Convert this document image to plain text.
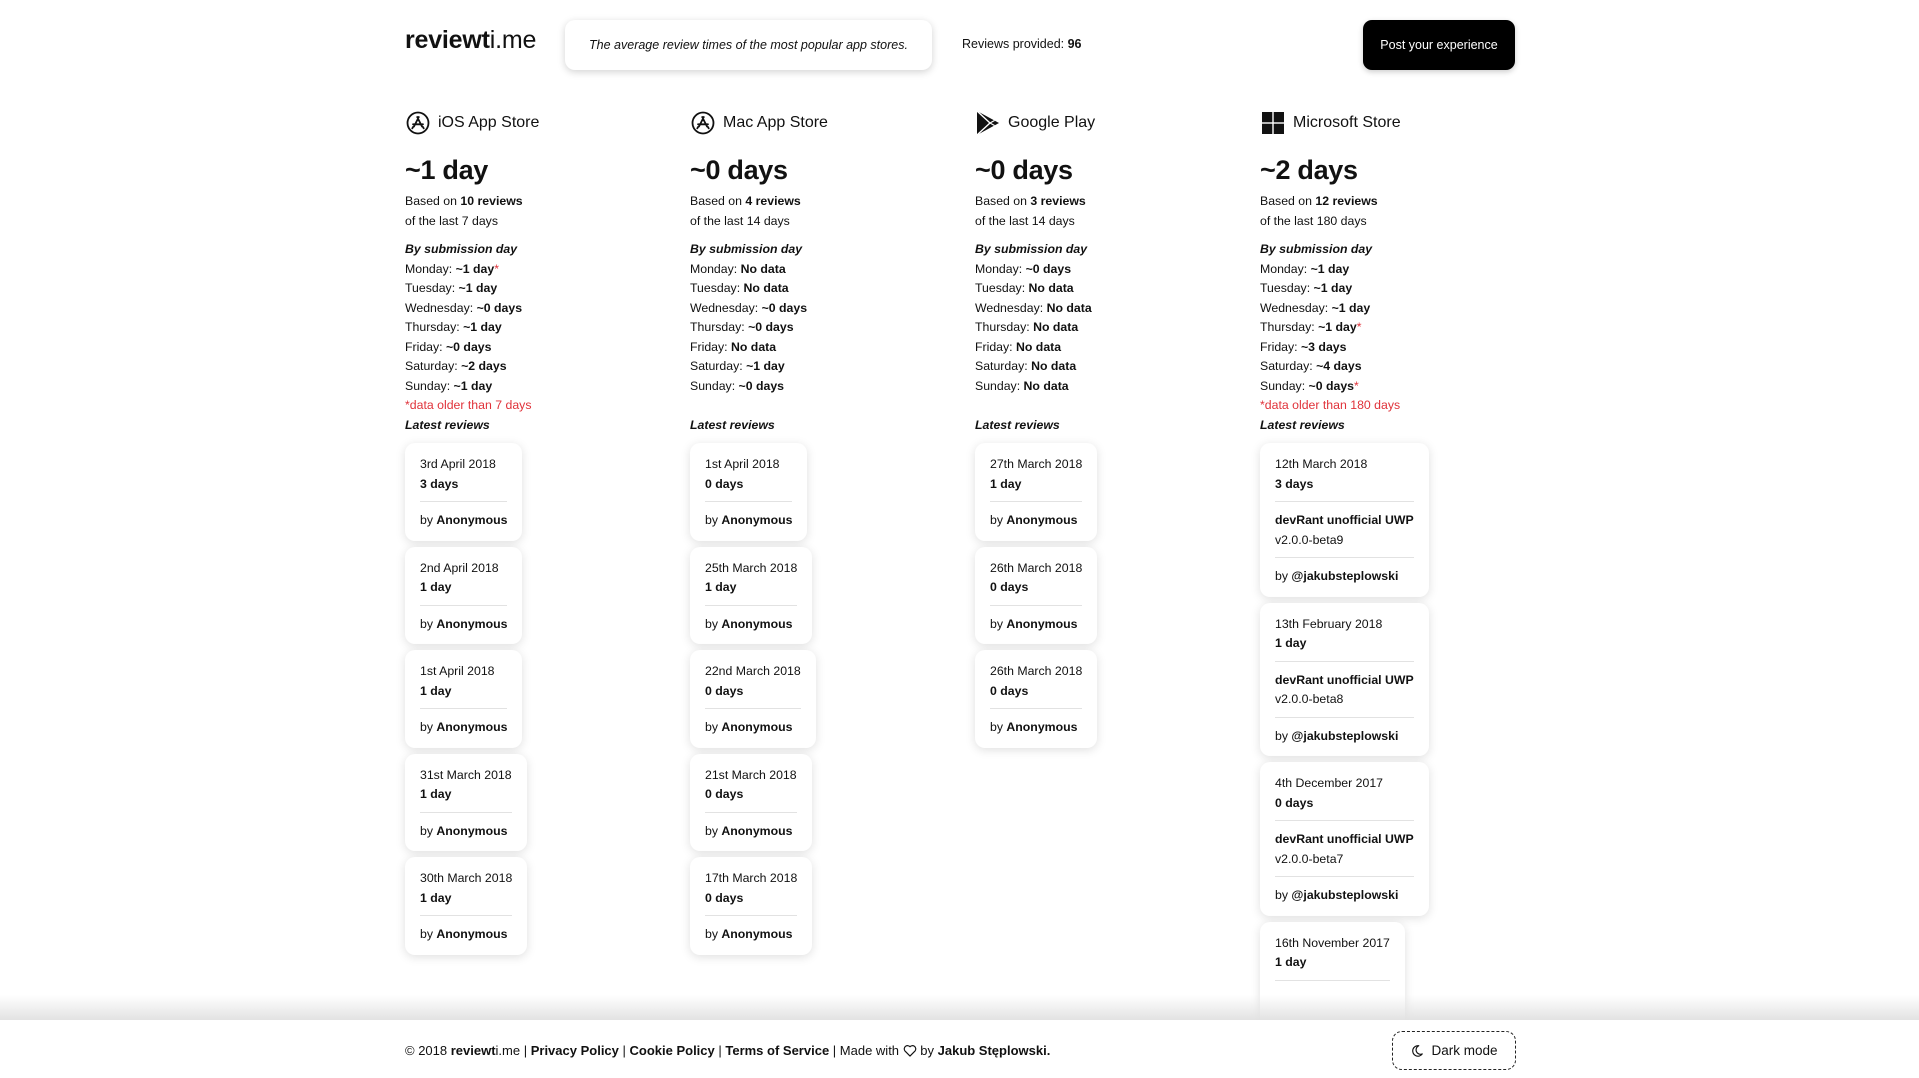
reviewti.me	The average review times of the most popular app stores.	Reviews provided: 96	Post your experience
iOS App Store
~1 day
Based on 10 reviews
of the last 7 days
By submission day
Monday: ~1 day*
Tuesday: ~1 day
Wednesday: ~0 days
Thursday: ~1 day
Friday: ~0 days
Saturday: ~2 days
Sunday: ~1 day
*data older than 7 days
Latest reviews
3rd April 2018
3 days
by Anonymous
2nd April 2018
1 day
by Anonymous
1st April 2018
1 day
by Anonymous
31st March 2018
1 day
by Anonymous
30th March 2018
1 day
by Anonymous
Mac App Store
~0 days
Based on 4 reviews
of the last 14 days
By submission day
Monday: No data
Tuesday: No data
Wednesday: ~0 days
Thursday: ~0 days
Friday: No data
Saturday: ~1 day
Sunday: ~0 days
Latest reviews
1st April 2018
0 days
by Anonymous
25th March 2018
1 day
by Anonymous
22nd March 2018
0 days
by Anonymous
21st March 2018
0 days
by Anonymous
17th March 2018
0 days
by Anonymous
Google Play
~0 days
Based on 3 reviews
of the last 14 days
By submission day
Monday: ~0 days
Tuesday: No data
Wednesday: No data
Thursday: No data
Friday: No data
Saturday: No data
Sunday: No data
Latest reviews
27th March 2018
1 day
by Anonymous
26th March 2018
0 days
by Anonymous
26th March 2018
0 days
by Anonymous
Microsoft Store
~2 days
Based on 12 reviews
of the last 180 days
By submission day
Monday: ~1 day
Tuesday: ~1 day
Wednesday: ~1 day
Thursday: ~1 day*
Friday: ~3 days
Saturday: ~4 days
Sunday: ~0 days*
*data older than 180 days
Latest reviews
12th March 2018
3 days
devRant unofficial UWP
v2.0.0-beta9
by @jakubsteplowski
13th February 2018
1 day
devRant unofficial UWP
v2.0.0-beta8
by @jakubsteplowski
4th December 2017
0 days
devRant unofficial UWP
v2.0.0-beta7
by @jakubsteplowski
16th November 2017
1 day
© 2018 reviewti.me | Privacy Policy | Cookie Policy | Terms of Service | Made with  by Jakub Stęplowski.	Dark mode
